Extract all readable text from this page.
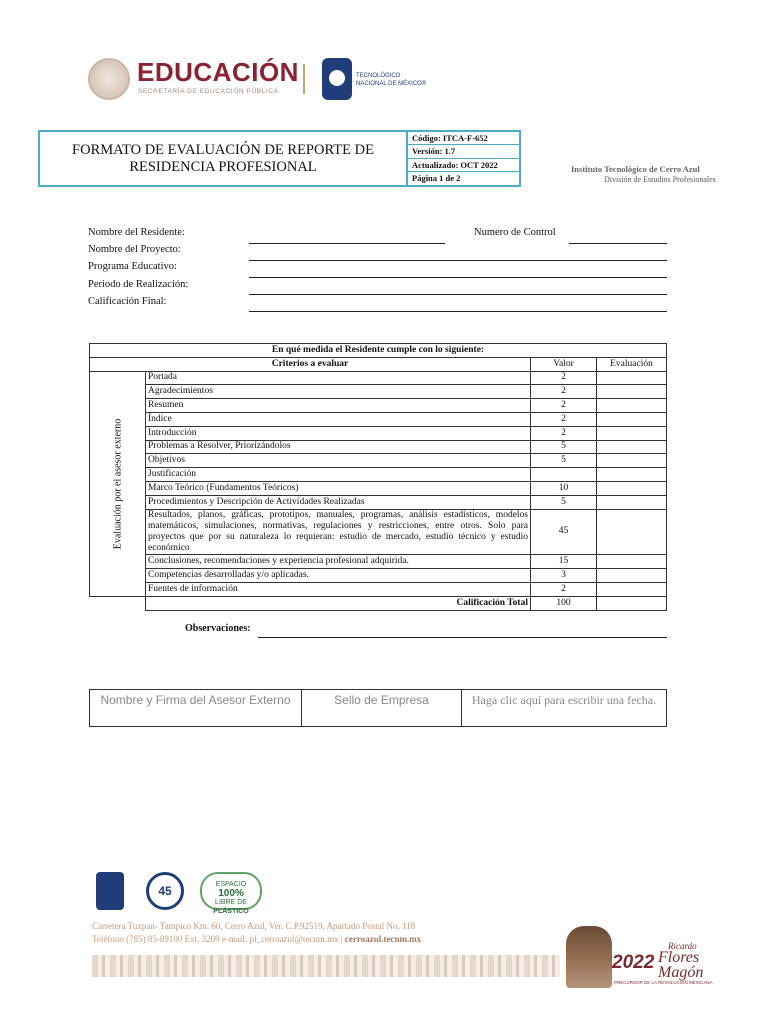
EDUCACIÓN
SECRETARÍA DE EDUCACIÓN PÚBLICA
TECNOLÓGICO
NACIONAL DE MÉXICO®
FORMATO DE EVALUACIÓN DE REPORTE DE
RESIDENCIA PROFESIONAL
Código: ITCA-F-652
Versión: 1.7
Actualizado: OCT 2022
Página 1 de 2
Instituto Tecnológico de Cerro Azul
División de Estudios Profesionales
Nombre del Residente:	Numero de Control
Nombre del Proyecto:
Programa Educativo:
Periodo de Realización:
Calificación Final:
En qué medida el Residente cumple con lo siguiente:			
Criterios a evaluar		Valor	Evaluación

Evaluación por el asesor externo	Portada	2	
	Agradecimientos	2	
	Resumen	2	
	Índice	2	
	Introducción	2	
	Problemas a Resolver, Priorizándolos	5	
	Objetivos	5	
	Justificación		
	Marco Teórico (Fundamentos Teóricos)	10	
	Procedimientos y Descripción de Actividades Realizadas	5	
	Resultados, planos, gráficas, prototipos, manuales, programas, análisis estadísticos, modelos matemáticos, simulaciones, normativas, regulaciones y restricciones, entre otros. Solo para proyectos que por su naturaleza lo requieran: estudio de mercado, estudio técnico y estudio económico	45	
	Conclusiones, recomendaciones y experiencia profesional adquirida.	15	
	Competencias desarrolladas y/o aplicadas.	3	
	Fuentes de información	2	
	Calificación Total	100	
Observaciones:
Nombre y Firma del Asesor Externo	Sello de Empresa	Haga clic aquí para escribir una fecha.
45	ESPACIO
100%
LIBRE DE
PLÁSTICO
Carretera Tuxpan- Tampico Km. 60, Cerro Azul, Ver. C.P.92519, Apartado Postal No. 118
Teléfono (785) 85-89100 Ext. 3209 e-mail: pl_cerroazul@tecnm.mx | cerroazul.tecnm.mx
2022
Ricardo
Flores
Magón
PRECURSOR DE LA REVOLUCIÓN MEXICANA
